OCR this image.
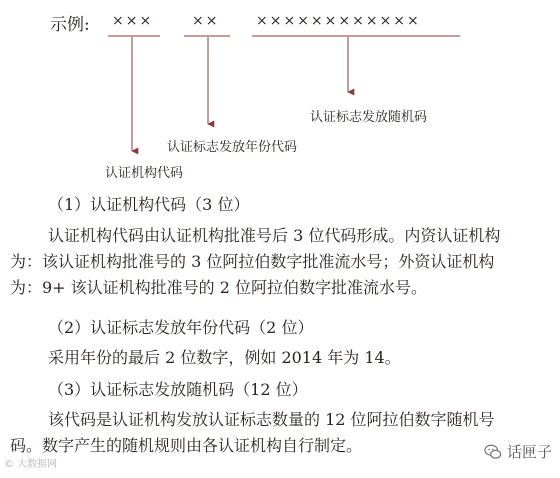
示例: ×××	××	××××××××××××
认证标志发放随机码
认证标志发放年份代码
认证机构代码
（1）认证机构代码（3 位）

认证机构代码由认证机构批准号后 3 位代码形成。内资认证机构

为：该认证机构批准号的 3 位阿拉伯数字批准流水号；外资认证机构

为：9+ 该认证机构批准号的 2 位阿拉伯数字批准流水号。

（2）认证标志发放年份代码（2 位）

采用年份的最后 2 位数字，例如 2014 年为 14。

（3）认证标志发放随机码（12 位）

该代码是认证机构发放认证标志数量的 12 位阿拉伯数字随机号

码。数字产生的随机规则由各认证机构自行制定。

© 大数据网
话匣子
